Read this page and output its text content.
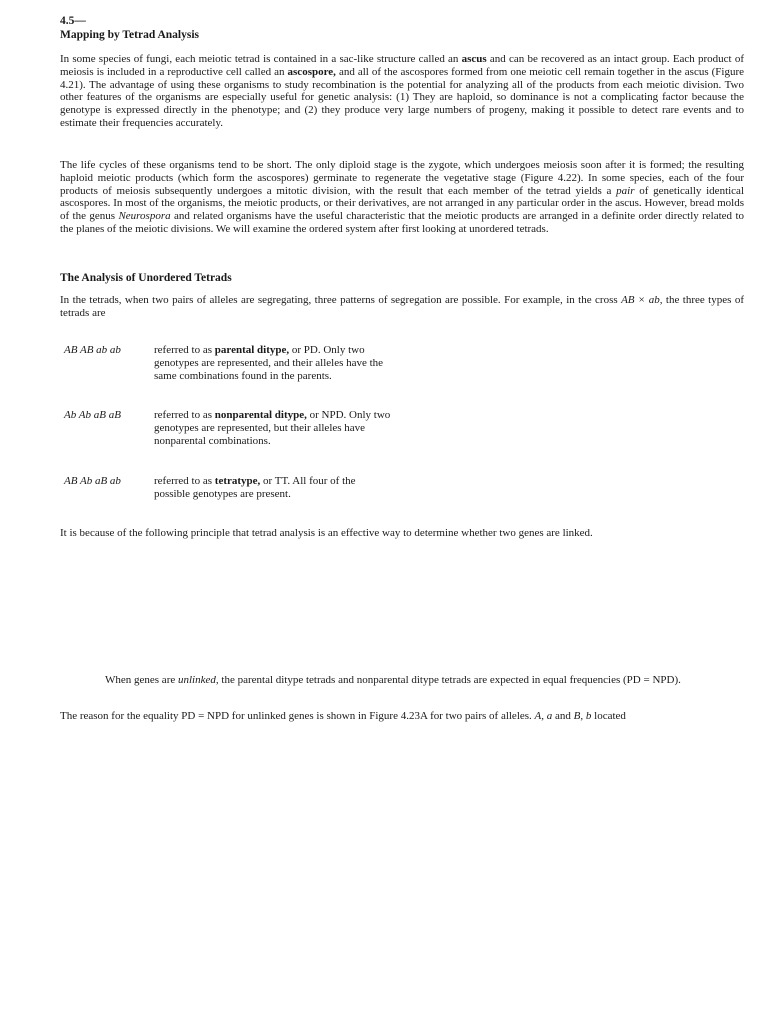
4.5—
Mapping by Tetrad Analysis

In some species of fungi, each meiotic tetrad is contained in a sac-like structure called an ascus and can be recovered as an intact group. Each product of meiosis is included in a reproductive cell called an ascospore, and all of the ascospores formed from one meiotic cell remain together in the ascus (Figure 4.21). The advantage of using these organisms to study recombination is the potential for analyzing all of the products from each meiotic division. Two other features of the organisms are especially useful for genetic analysis: (1) They are haploid, so dominance is not a complicating factor because the genotype is expressed directly in the phenotype; and (2) they produce very large numbers of progeny, making it possible to detect rare events and to estimate their frequencies accurately.

The life cycles of these organisms tend to be short. The only diploid stage is the zygote, which undergoes meiosis soon after it is formed; the resulting haploid meiotic products (which form the ascospores) germinate to regenerate the vegetative stage (Figure 4.22). In some species, each of the four products of meiosis subsequently undergoes a mitotic division, with the result that each member of the tetrad yields a pair of genetically identical ascospores. In most of the organisms, the meiotic products, or their derivatives, are not arranged in any particular order in the ascus. However, bread molds of the genus Neurospora and related organisms have the useful characteristic that the meiotic products are arranged in a definite order directly related to the planes of the meiotic divisions. We will examine the ordered system after first looking at unordered tetrads.

The Analysis of Unordered Tetrads

In the tetrads, when two pairs of alleles are segregating, three patterns of segregation are possible. For example, in the cross AB × ab, the three types of tetrads are

AB AB ab ab	referred to as parental ditype, or PD. Only two genotypes are represented, and their alleles have the same combinations found in the parents.
Ab Ab aB aB	referred to as nonparental ditype, or NPD. Only two genotypes are represented, but their alleles have nonparental combinations.
AB Ab aB ab	referred to as tetratype, or TT. All four of the possible genotypes are present.

It is because of the following principle that tetrad analysis is an effective way to determine whether two genes are linked.

When genes are unlinked, the parental ditype tetrads and nonparental ditype tetrads are expected in equal frequencies (PD = NPD).

The reason for the equality PD = NPD for unlinked genes is shown in Figure 4.23A for two pairs of alleles. A, a and B, b located
